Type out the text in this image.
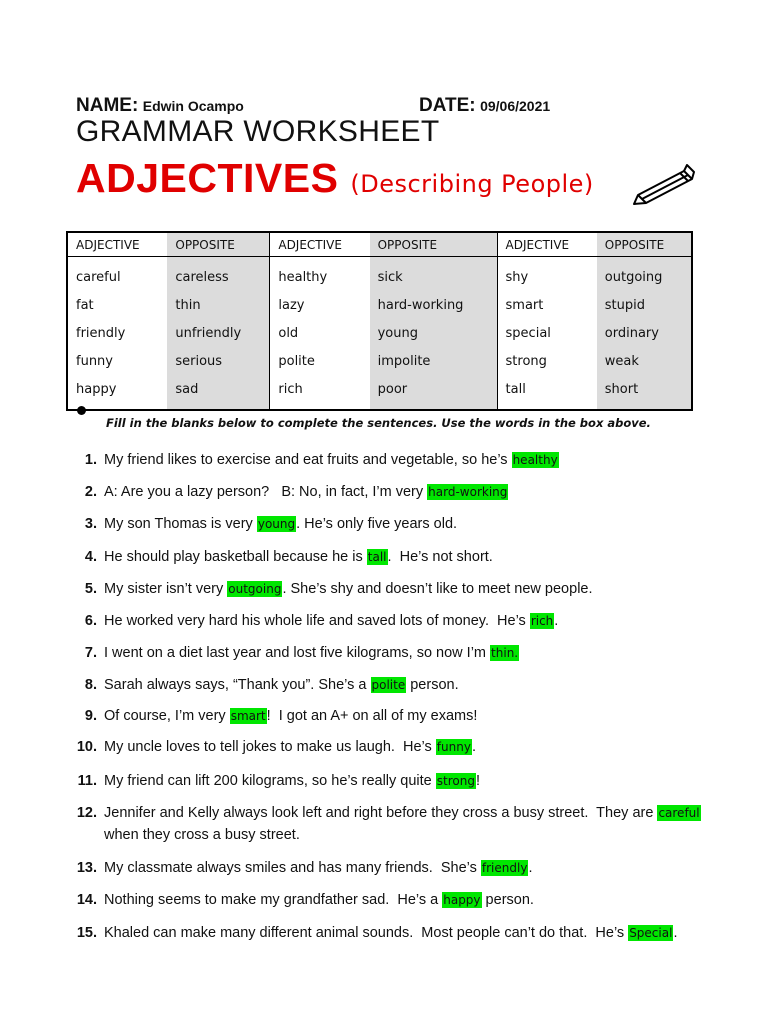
NAME: Edwin Ocampo	DATE: 09/06/2021
GRAMMAR WORKSHEET
ADJECTIVES (Describing People)
ADJECTIVE	OPPOSITE	ADJECTIVE	OPPOSITE	ADJECTIVE	OPPOSITE
careful	careless	healthy	sick	shy	outgoing
fat	thin	lazy	hard-working	smart	stupid
friendly	unfriendly	old	young	special	ordinary
funny	serious	polite	impolite	strong	weak
happy	sad	rich	poor	tall	short
Fill in the blanks below to complete the sentences. Use the words in the box above.
1. My friend likes to exercise and eat fruits and vegetable, so he’s healthy
2. A: Are you a lazy person?   B: No, in fact, I’m very hard-working
3. My son Thomas is very young. He’s only five years old.
4. He should play basketball because he is tall.  He’s not short.
5. My sister isn’t very outgoing. She’s shy and doesn’t like to meet new people.
6. He worked very hard his whole life and saved lots of money.  He’s rich.
7. I went on a diet last year and lost five kilograms, so now I’m thin.
8. Sarah always says, “Thank you”. She’s a polite person.
9. Of course, I’m very smart!  I got an A+ on all of my exams!
10. My uncle loves to tell jokes to make us laugh.  He’s funny.
11. My friend can lift 200 kilograms, so he’s really quite strong!
12. Jennifer and Kelly always look left and right before they cross a busy street.  They are careful when they cross a busy street.
13. My classmate always smiles and has many friends.  She’s friendly.
14. Nothing seems to make my grandfather sad.  He’s a happy person.
15. Khaled can make many different animal sounds.  Most people can’t do that.  He’s Special.
